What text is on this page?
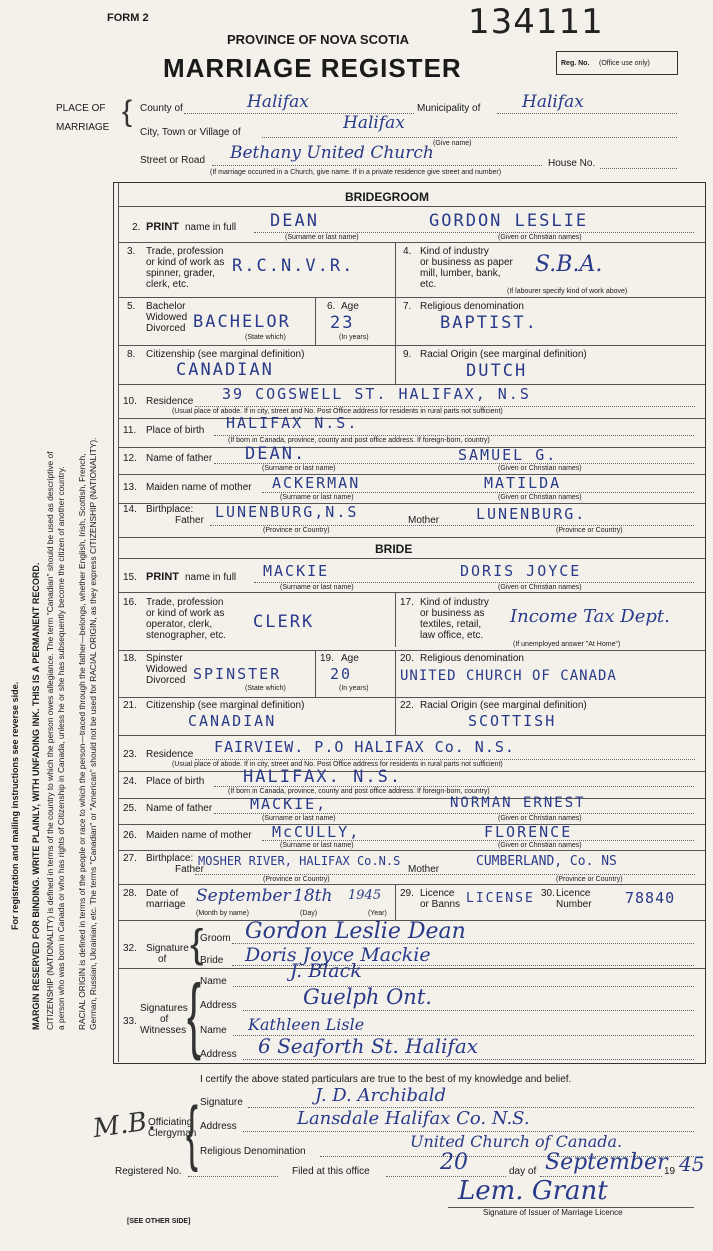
FORM 2	134111
PROVINCE OF NOVA SCOTIA
MARRIAGE REGISTER	Reg. No. (Office use only)
For registration and mailing instructions see reverse side. MARGIN RESERVED FOR BINDING. WRITE PLAINLY, WITH UNFADING INK. THIS IS A PERMANENT RECORD. CITIZENSHIP (NATIONALITY) is defined in terms of the country to which the person owes allegiance. The term "Canadian" should be used as descriptive of a person who was born in Canada or who has rights of Citizenship in Canada, unless he or she has subsequently become the citizen of another country. RACIAL ORIGIN is defined in terms of the people or race to which the person—traced through the father—belongs, whether English, Irish, Scottish, French, German, Russian, Ukrainian, etc. The terms "Canadian" or "American" should not be used for RACIAL ORIGIN, as they express CITIZENSHIP (NATIONALITY).
PLACE OF
MARRIAGE { County of	Halifax	Municipality of Halifax
City, Town or Village of	Halifax
(Give name)
Street or Road Bethany United Church
House No.
(If marriage occurred in a Church, give name. If in a private residence give street and number)
BRIDEGROOM
2. PRINT name in full DEAN	GORDON LESLIE
(Surname or last name)	(Given or Christian names)
3. Trade, profession
or kind of work as
spinner, grader,
clerk, etc.
R.C.N.V.R.
4. Kind of industry
or business as paper
mill, lumber, bank,
etc.
S.B.A.
(If labourer specify kind of work above)
5. Bachelor
Widowed
Divorced BACHELOR
(State which)
6. Age
23
(In years)
7. Religious denomination
BAPTIST.
8. Citizenship (see marginal definition)
CANADIAN
9. Racial Origin (see marginal definition)
DUTCH
10. Residence 39 COGSWELL ST. HALIFAX, N.S
(Usual place of abode. If in city, street and No. Post Office address for residents in rural parts not sufficient)
11. Place of birth HALIFAX N.S.
(If born in Canada, province, county and post office address. If foreign-born, country)
12. Name of father DEAN.	SAMUEL G.
(Surname or last name)	(Given or Christian names)
13. Maiden name of mother ACKERMAN	MATILDA
(Surname or last name)	(Given or Christian names)
14. Birthplace:
Father LUNENBURG,N.S	Mother LUNENBURG.
(Province or Country)	(Province or Country)
BRIDE
15. PRINT name in full MACKIE	DORIS JOYCE
(Surname or last name)	(Given or Christian names)
16. Trade, profession
or kind of work as
operator, clerk,
stenographer, etc.
CLERK
17. Kind of industry
or business as
textiles, retail,
law office, etc.
Income Tax Dept.
(If unemployed answer "At Home")
18. Spinster
Widowed
Divorced SPINSTER
(State which)
19. Age
20
(In years)
20. Religious denomination
UNITED CHURCH OF CANADA
21. Citizenship (see marginal definition)
CANADIAN
22. Racial Origin (see marginal definition)
SCOTTISH
23. Residence FAIRVIEW. P.O HALIFAX Co. N.S.
(Usual place of abode. If in city, street and No. Post Office address for residents in rural parts not sufficient)
24. Place of birth HALIFAX. N.S.
(If born in Canada, province, county and post office address. If foreign-born, country)
25. Name of father	MACKIE,	NORMAN ERNEST
(Surname or last name)	(Given or Christian names)
26. Maiden name of mother McCULLY,	FLORENCE
(Surname or last name)	(Given or Christian names)
27. Birthplace:
Father
MOSHER RIVER, HALIFAX Co.N.S
Mother
CUMBERLAND, Co. NS
(Province or Country)	(Province or Country)
28. Date of
marriage September 18th 1945
(Month by name)	(Day)	(Year)
29. Licence
or Banns LICENSE 30. Licence
Number 78840
32. Signature
of {
Groom Gordon Leslie Dean
Bride Doris Joyce Mackie
33.
Signatures
of
Witnesses {
Name	J. Black
Address	Guelph Ont.
Name Kathleen Lisle
Address 6 Seaforth St. Halifax
I certify the above stated particulars are true to the best of my knowledge and belief.
M.B.
Officiating
Clergyman
{ Signature	J. D. Archibald
Address	Lansdale Halifax Co. N.S.
Religious Denomination
United Church of Canada.
Registered No.	Filed at this office	20	day of September
19 45
Lem. Grant
Signature of Issuer of Marriage Licence
[SEE OTHER SIDE]
